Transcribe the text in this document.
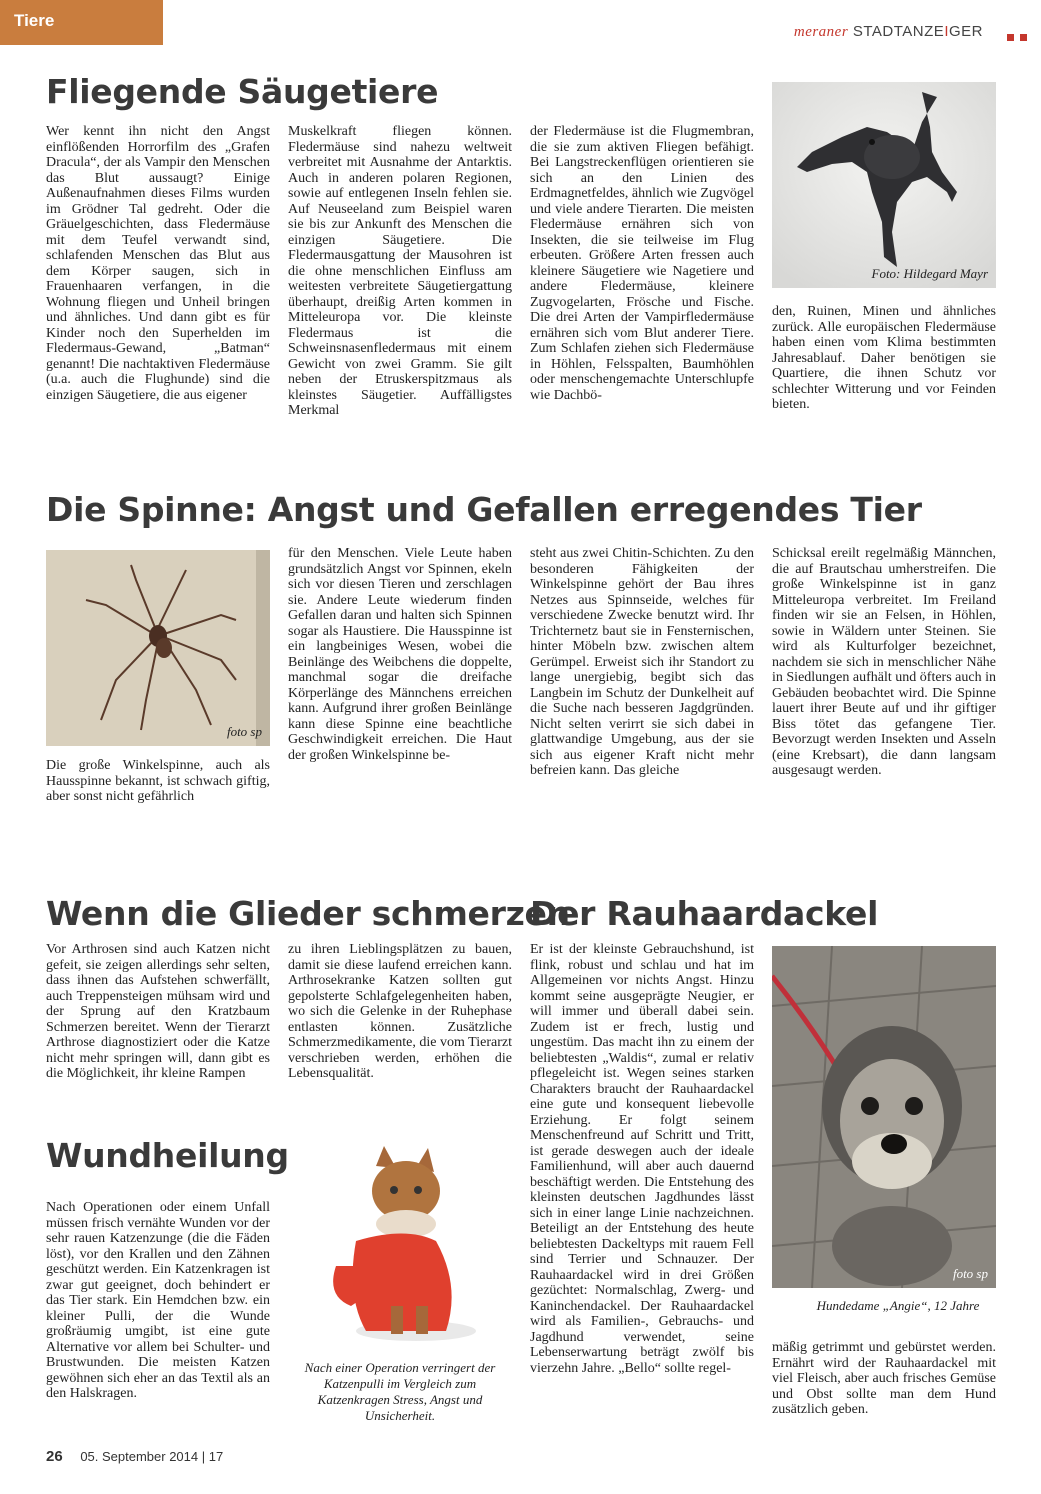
Tiere
meraner STADTANZEIGER
Fliegende Säugetiere
Wer kennt ihn nicht den Angst einflößenden Horrorfilm des „Grafen Dracula“, der als Vampir den Menschen das Blut aussaugt? Einige Außenaufnahmen dieses Films wurden im Grödner Tal gedreht. Oder die Gräuelgeschichten, dass Fledermäuse mit dem Teufel verwandt sind, schlafenden Menschen das Blut aus dem Körper saugen, sich in Frauenhaaren verfangen, in die Wohnung fliegen und Unheil bringen und ähnliches. Und dann gibt es für Kinder noch den Superhelden im Fledermaus-Gewand, „Batman“ genannt! Die nachtaktiven Fledermäuse (u.a. auch die Flughunde) sind die einzigen Säugetiere, die aus eigener
Muskelkraft fliegen können. Fledermäuse sind nahezu weltweit verbreitet mit Ausnahme der Antarktis. Auch in anderen polaren Regionen, sowie auf entlegenen Inseln fehlen sie. Auf Neuseeland zum Beispiel waren sie bis zur Ankunft des Menschen die einzigen Säugetiere. Die Fledermausgattung der Mausohren ist die ohne menschlichen Einfluss am weitesten verbreitete Säugetiergattung überhaupt, dreißig Arten kommen in Mitteleuropa vor. Die kleinste Fledermaus ist die Schweinsnasenfledermaus mit einem Gewicht von zwei Gramm. Sie gilt neben der Etruskerspitzmaus als kleinstes Säugetier. Auffälligstes Merkmal
der Fledermäuse ist die Flugmembran, die sie zum aktiven Fliegen befähigt. Bei Langstreckenflügen orientieren sie sich an den Linien des Erdmagnetfeldes, ähnlich wie Zugvögel und viele andere Tierarten. Die meisten Fledermäuse ernähren sich von Insekten, die sie teilweise im Flug erbeuten. Größere Arten fressen auch kleinere Säugetiere wie Nagetiere und andere Fledermäuse, kleinere Zugvogelarten, Frösche und Fische. Die drei Arten der Vampirfledermäuse ernähren sich vom Blut anderer Tiere. Zum Schlafen ziehen sich Fledermäuse in Höhlen, Felsspalten, Baumhöhlen oder menschengemachte Unterschlupfe wie Dachbö-
Foto: Hildegard Mayr
den, Ruinen, Minen und ähnliches zurück. Alle europäischen Fledermäuse haben einen vom Klima bestimmten Jahresablauf. Daher benötigen sie Quartiere, die ihnen Schutz vor schlechter Witterung und vor Feinden bieten.
Die Spinne: Angst und Gefallen erregendes Tier
foto sp
Die große Winkelspinne, auch als Hausspinne bekannt, ist schwach giftig, aber sonst nicht gefährlich
für den Menschen. Viele Leute haben grundsätzlich Angst vor Spinnen, ekeln sich vor diesen Tieren und zerschlagen sie. Andere Leute wiederum finden Gefallen daran und halten sich Spinnen sogar als Haustiere. Die Hausspinne ist ein langbeiniges Wesen, wobei die Beinlänge des Weibchens die doppelte, manchmal sogar die dreifache Körperlänge des Männchens erreichen kann. Aufgrund ihrer großen Beinlänge kann diese Spinne eine beachtliche Geschwindigkeit erreichen. Die Haut der großen Winkelspinne be-
steht aus zwei Chitin-Schichten. Zu den besonderen Fähigkeiten der Winkelspinne gehört der Bau ihres Netzes aus Spinnseide, welches für verschiedene Zwecke benutzt wird. Ihr Trichternetz baut sie in Fensternischen, hinter Möbeln bzw. zwischen altem Gerümpel. Erweist sich ihr Standort zu lange unergiebig, begibt sich das Langbein im Schutz der Dunkelheit auf die Suche nach besseren Jagdgründen. Nicht selten verirrt sie sich dabei in glattwandige Umgebung, aus der sie sich aus eigener Kraft nicht mehr befreien kann. Das gleiche
Schicksal ereilt regelmäßig Männchen, die auf Brautschau umherstreifen. Die große Winkelspinne ist in ganz Mitteleuropa verbreitet. Im Freiland finden wir sie an Felsen, in Höhlen, sowie in Wäldern unter Steinen. Sie wird als Kulturfolger bezeichnet, nachdem sie sich in menschlicher Nähe in Siedlungen aufhält und öfters auch in Gebäuden beobachtet wird. Die Spinne lauert ihrer Beute auf und ihr giftiger Biss tötet das gefangene Tier. Bevorzugt werden Insekten und Asseln (eine Krebsart), die dann langsam ausgesaugt werden.
Wenn die Glieder schmerzen
Vor Arthrosen sind auch Katzen nicht gefeit, sie zeigen allerdings sehr selten, dass ihnen das Aufstehen schwerfällt, auch Treppensteigen mühsam wird und der Sprung auf den Kratzbaum Schmerzen bereitet. Wenn der Tierarzt Arthrose diagnostiziert oder die Katze nicht mehr springen will, dann gibt es die Möglichkeit, ihr kleine Rampen
zu ihren Lieblingsplätzen zu bauen, damit sie diese laufend erreichen kann. Arthrosekranke Katzen sollten gut gepolsterte Schlafgelegenheiten haben, wo sich die Gelenke in der Ruhephase entlasten können. Zusätzliche Schmerzmedikamente, die vom Tierarzt verschrieben werden, erhöhen die Lebensqualität.
Wundheilung
Nach Operationen oder einem Unfall müssen frisch vernähte Wunden vor der sehr rauen Katzenzunge (die die Fäden löst), vor den Krallen und den Zähnen geschützt werden. Ein Katzenkragen ist zwar gut geeignet, doch behindert er das Tier stark. Ein Hemdchen bzw. ein kleiner Pulli, der die Wunde großräumig umgibt, ist eine gute Alternative vor allem bei Schulter- und Brustwunden. Die meisten Katzen gewöhnen sich eher an das Textil als an den Halskragen.
Nach einer Operation verringert der Katzenpulli im Vergleich zum Katzenkragen Stress, Angst und Unsicherheit.
Der Rauhaardackel
Er ist der kleinste Gebrauchshund, ist flink, robust und schlau und hat im Allgemeinen vor nichts Angst. Hinzu kommt seine ausgeprägte Neugier, er will immer und überall dabei sein. Zudem ist er frech, lustig und ungestüm. Das macht ihn zu einem der beliebtesten „Waldis“, zumal er relativ pflegeleicht ist. Wegen seines starken Charakters braucht der Rauhaardackel eine gute und konsequent liebevolle Erziehung. Er folgt seinem Menschenfreund auf Schritt und Tritt, ist gerade deswegen auch der ideale Familienhund, will aber auch dauernd beschäftigt werden. Die Entstehung des kleinsten deutschen Jagdhundes lässt sich in einer lange Linie nachzeichnen. Beteiligt an der Entstehung des heute beliebtesten Dackeltyps mit rauem Fell sind Terrier und Schnauzer. Der Rauhaardackel wird in drei Größen gezüchtet: Normalschlag, Zwerg- und Kaninchendackel. Der Rauhaardackel wird als Familien-, Gebrauchs- und Jagdhund verwendet, seine Lebenserwartung beträgt zwölf bis vierzehn Jahre. „Bello“ sollte regel-
foto sp
Hundedame „Angie“, 12 Jahre
mäßig getrimmt und gebürstet werden. Ernährt wird der Rauhaardackel mit viel Fleisch, aber auch frisches Gemüse und Obst sollte man dem Hund zusätzlich geben.
26 05. September 2014 | 17
